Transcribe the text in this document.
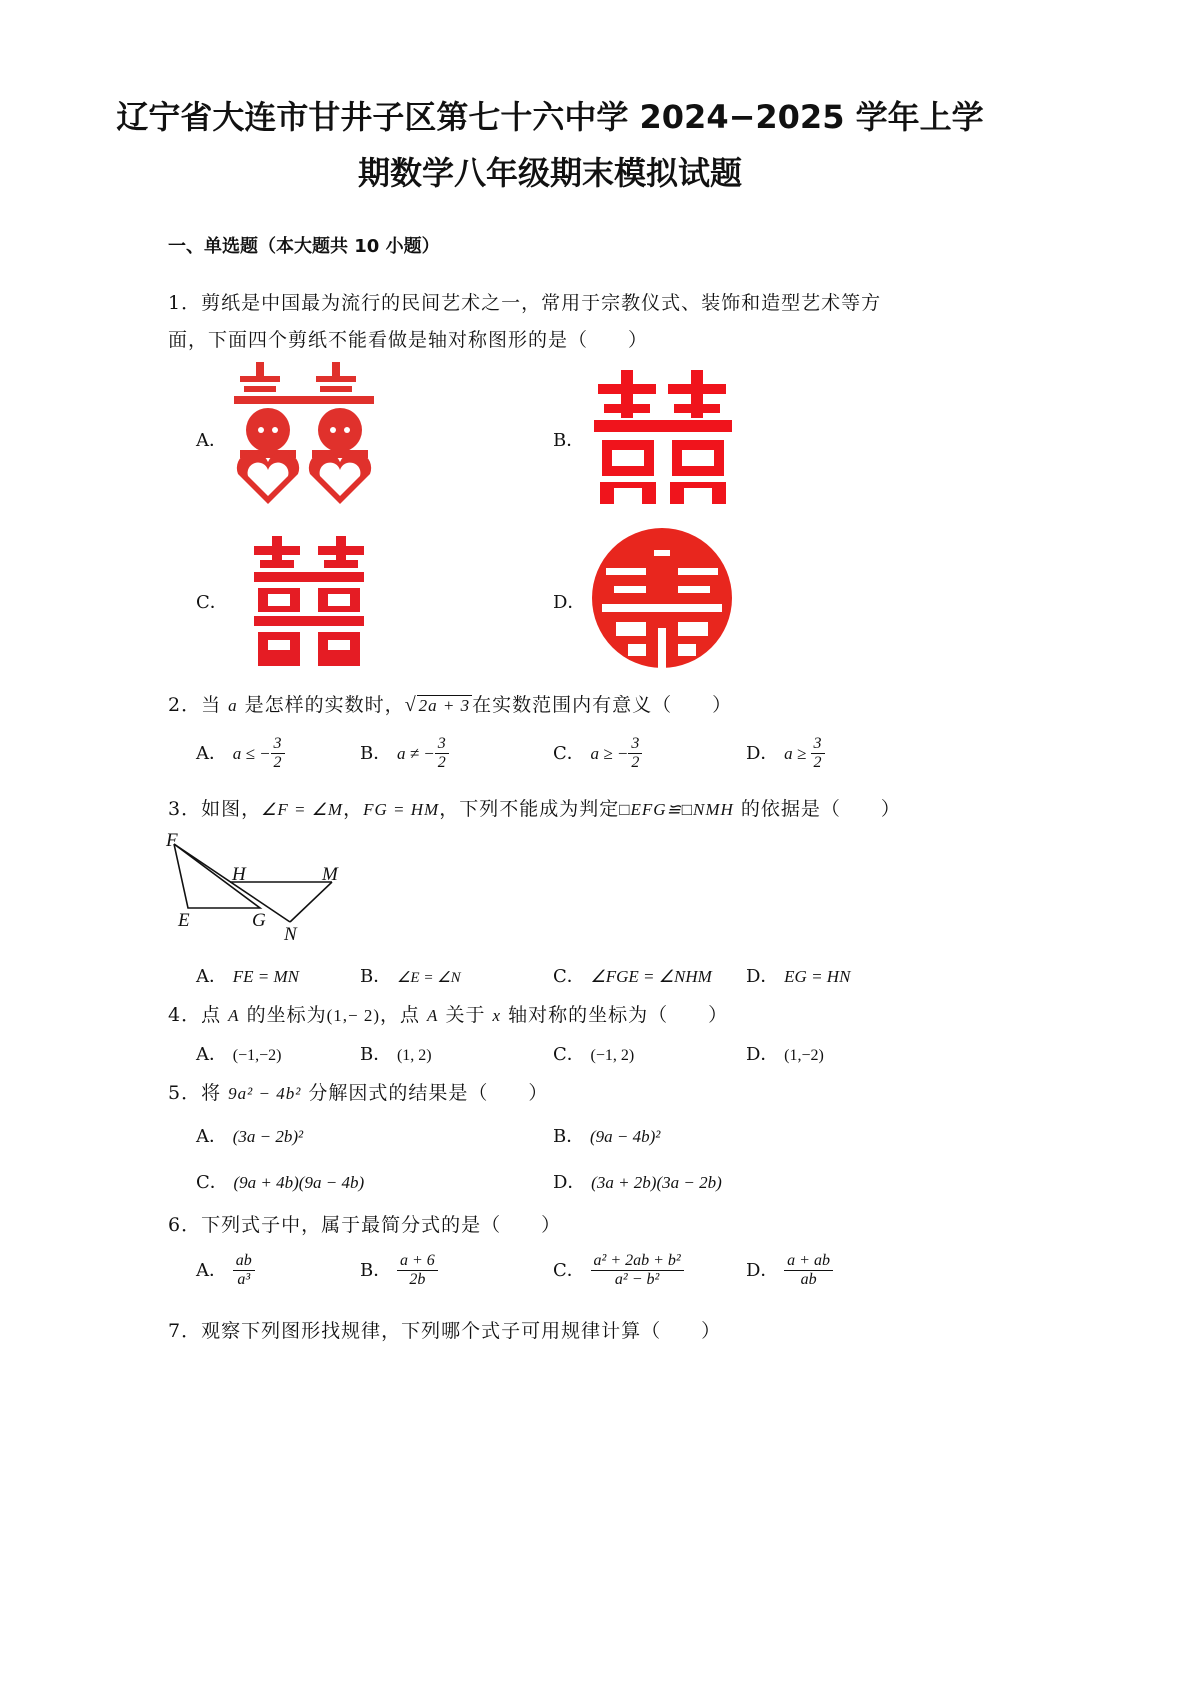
辽宁省大连市甘井子区第七十六中学 2024−2025 学年上学
期数学八年级期末模拟试题
一、单选题（本大题共 10 小题）
1．剪纸是中国最为流行的民间艺术之一，常用于宗教仪式、装饰和造型艺术等方
面，下面四个剪纸不能看做是轴对称图形的是（　　）
A．	B．
C．	D．
2．当 a 是怎样的实数时，√ 2a + 3 在实数范围内有意义（　　）
A． a ≤ − $\frac{3}{2}$	B． a ≠ − $\frac{3}{2}$	C． a ≥ − $\frac{3}{2}$	D． $a \ge \frac{3}{2}$
3．如图，∠F = ∠M，FG = HM，下列不能成为判定□EFG≌□NMH 的依据是（　　）
F
H	M
E	G
N
A． FE = MN	B． ∠E = ∠N	C． ∠FGE = ∠NHM D． EG = HN
4．点 A 的坐标为(1,− 2)，点 A 关于 x 轴对称的坐标为（　　）
A． (−1,−2)	B． (1, 2)	C． (−1, 2)	D． (1,−2)
5．将 9a² − 4b² 分解因式的结果是（　　）
A． (3a − 2b)²	B． (9a − 4b)²
C． (9a + 4b)(9a − 4b)	D． (3a + 2b)(3a − 2b)
6．下列式子中，属于最简分式的是（　　）
A． $\frac{ab}{\text{a³}}$	B． $\frac{a + 6}{2b}$	C． $\frac{\text{a² + 2ab + b²}}{\text{a² − b²}}$	D． $\frac{a + ab}{ab}$
7．观察下列图形找规律，下列哪个式子可用规律计算（　　）
